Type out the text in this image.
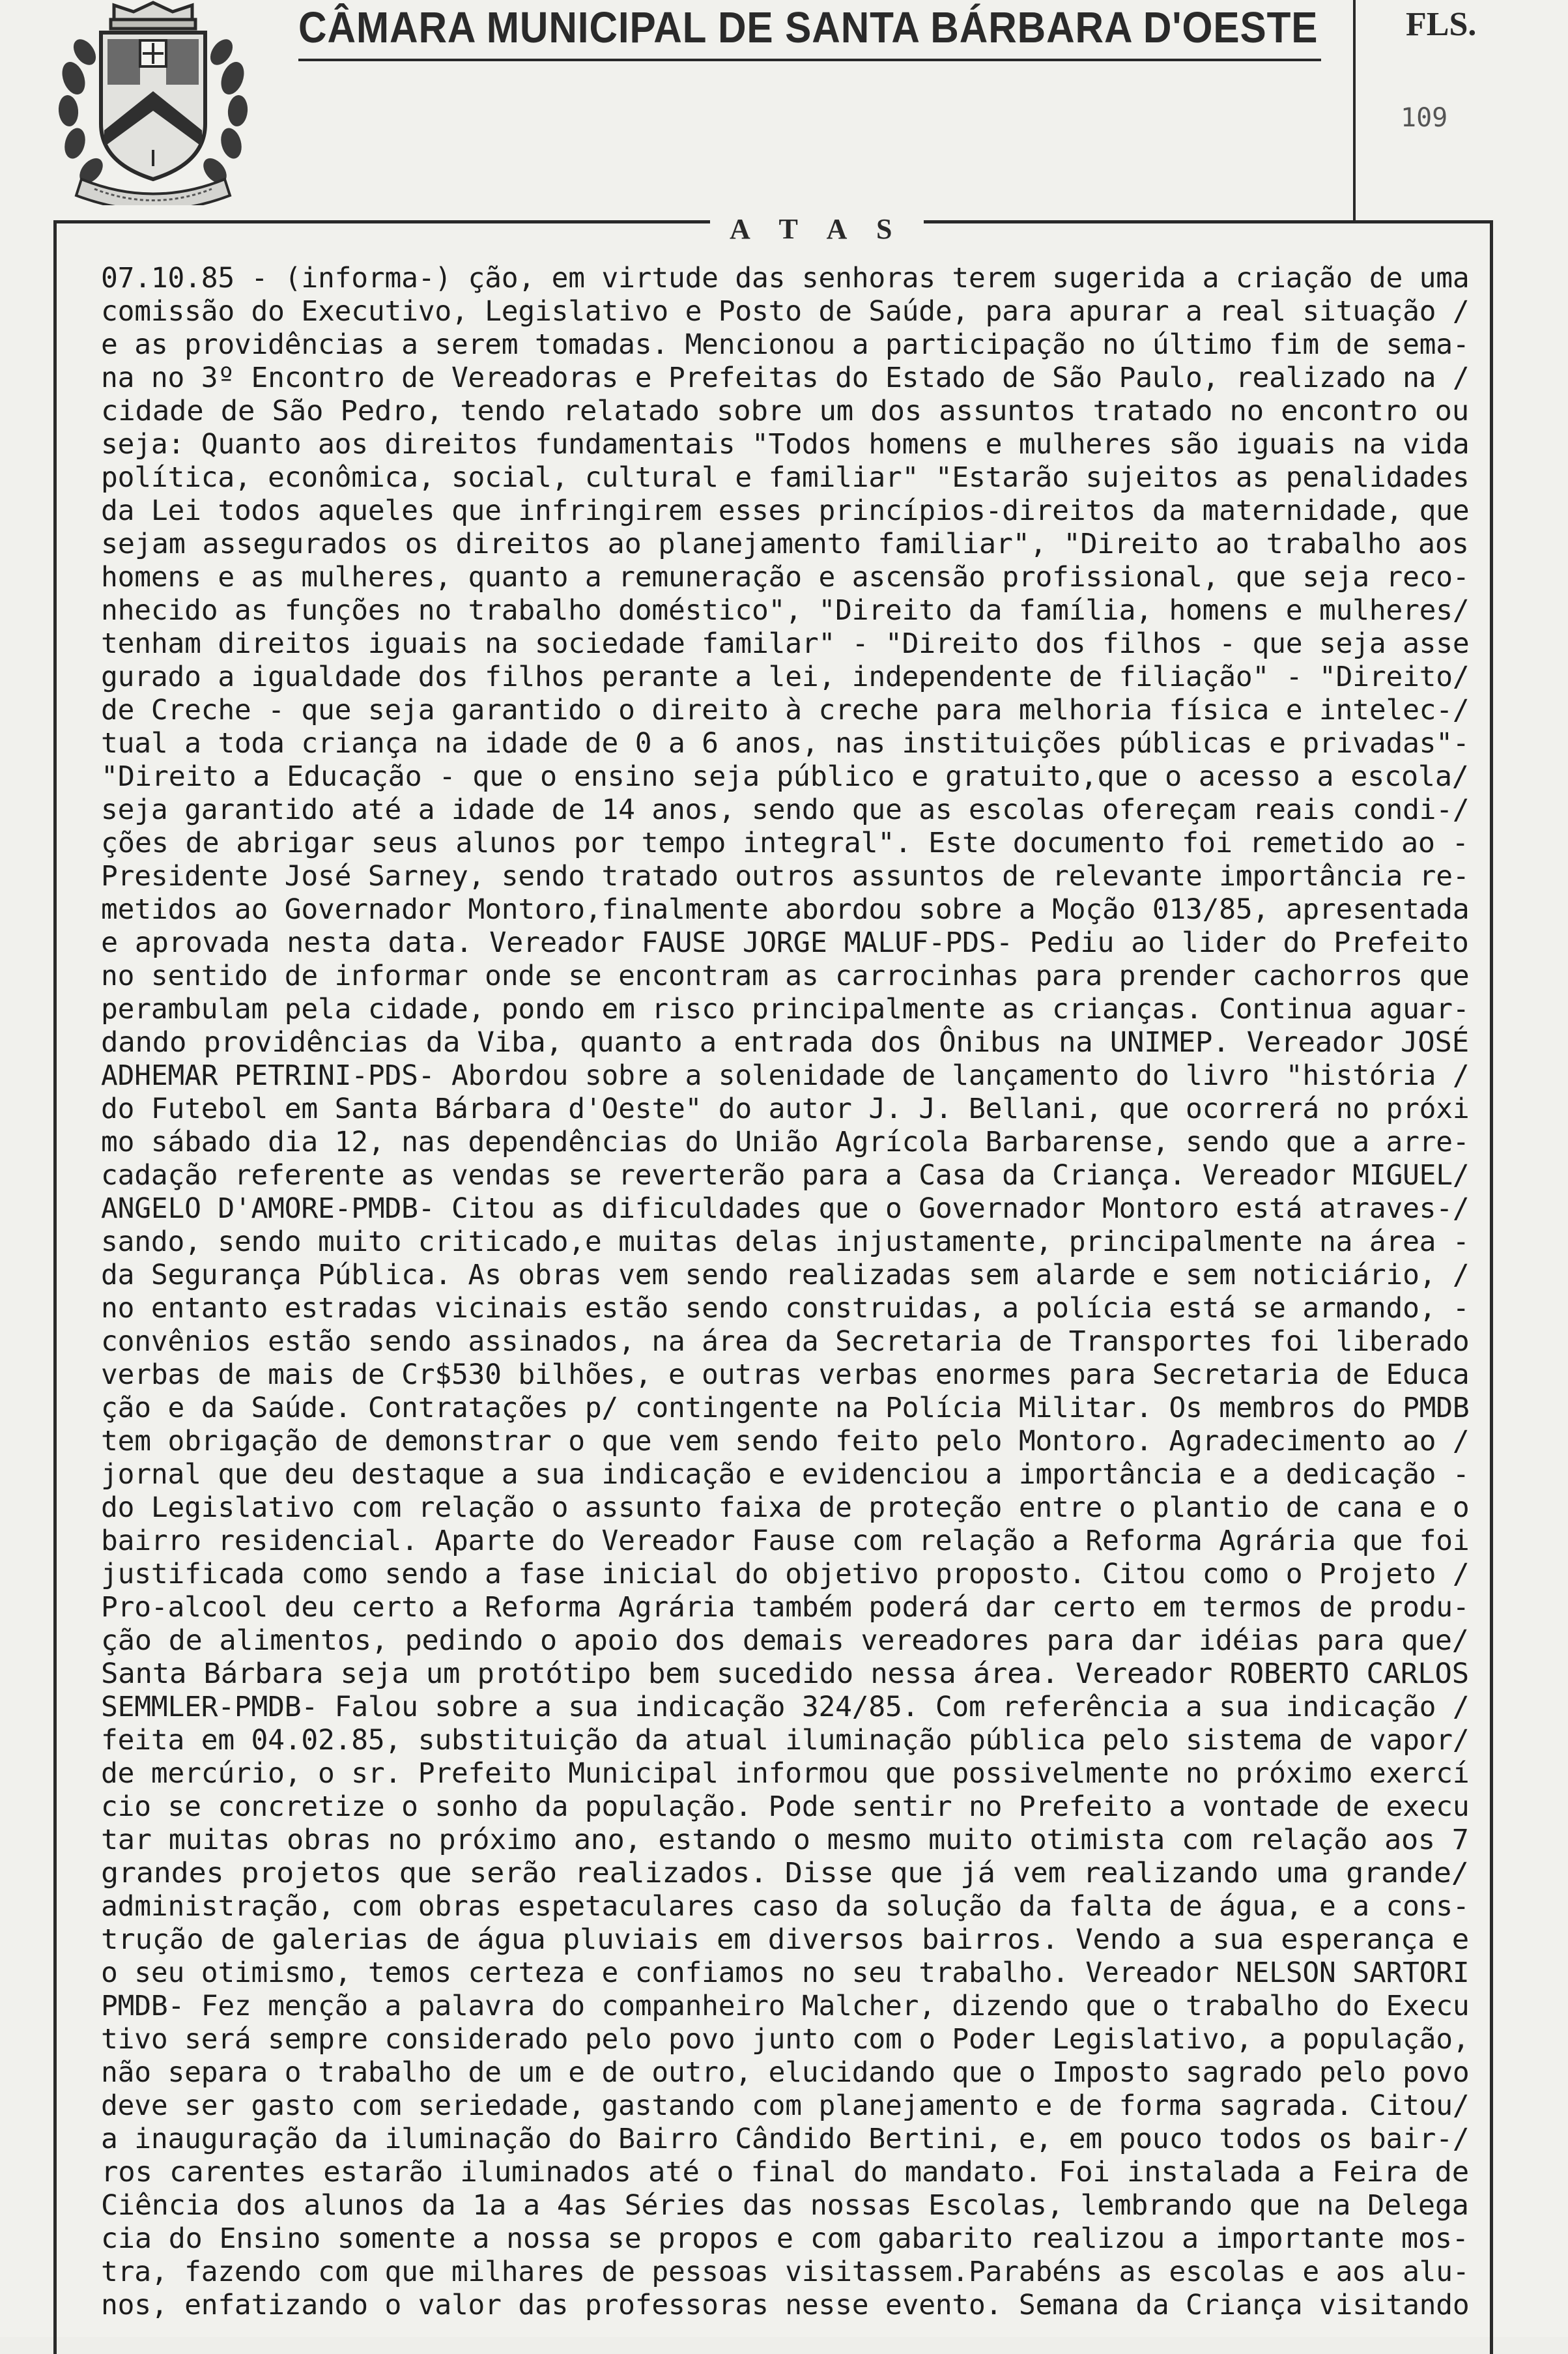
CÂMARA MUNICIPAL DE SANTA BÁRBARA D'OESTE	FLS.
109
A T A S
07.10.85 - (informa-) ção, em virtude das senhoras terem sugerida a criação de uma
comissão do Executivo, Legislativo e Posto de Saúde, para apurar a real situação /
e as providências a serem tomadas. Mencionou a participação no último fim de sema-
na no 3º Encontro de Vereadoras e Prefeitas do Estado de São Paulo, realizado na /
cidade de São Pedro, tendo relatado sobre um dos assuntos tratado no encontro ou
seja: Quanto aos direitos fundamentais "Todos homens e mulheres são iguais na vida
política, econômica, social, cultural e familiar" "Estarão sujeitos as penalidades
da Lei todos aqueles que infringirem esses princípios-direitos da maternidade, que
sejam assegurados os direitos ao planejamento familiar", "Direito ao trabalho aos
homens e as mulheres, quanto a remuneração e ascensão profissional, que seja reco-
nhecido as funções no trabalho doméstico", "Direito da família, homens e mulheres/
tenham direitos iguais na sociedade familar" - "Direito dos filhos - que seja asse
gurado a igualdade dos filhos perante a lei, independente de filiação" - "Direito/
de Creche - que seja garantido o direito à creche para melhoria física e intelec-/
tual a toda criança na idade de 0 a 6 anos, nas instituições públicas e privadas"-
"Direito a Educação - que o ensino seja público e gratuito,que o acesso a escola/
seja garantido até a idade de 14 anos, sendo que as escolas ofereçam reais condi-/
ções de abrigar seus alunos por tempo integral". Este documento foi remetido ao -
Presidente José Sarney, sendo tratado outros assuntos de relevante importância re-
metidos ao Governador Montoro,finalmente abordou sobre a Moção 013/85, apresentada
e aprovada nesta data. Vereador FAUSE JORGE MALUF-PDS- Pediu ao lider do Prefeito
no sentido de informar onde se encontram as carrocinhas para prender cachorros que
perambulam pela cidade, pondo em risco principalmente as crianças. Continua aguar-
dando providências da Viba, quanto a entrada dos Ônibus na UNIMEP. Vereador JOSÉ
ADHEMAR PETRINI-PDS- Abordou sobre a solenidade de lançamento do livro "história /
do Futebol em Santa Bárbara d'Oeste" do autor J. J. Bellani, que ocorrerá no próxi
mo sábado dia 12, nas dependências do União Agrícola Barbarense, sendo que a arre-
cadação referente as vendas se reverterão para a Casa da Criança. Vereador MIGUEL/
ANGELO D'AMORE-PMDB- Citou as dificuldades que o Governador Montoro está atraves-/
sando, sendo muito criticado,e muitas delas injustamente, principalmente na área -
da Segurança Pública. As obras vem sendo realizadas sem alarde e sem noticiário, /
no entanto estradas vicinais estão sendo construidas, a polícia está se armando, -
convênios estão sendo assinados, na área da Secretaria de Transportes foi liberado
verbas de mais de Cr$530 bilhões, e outras verbas enormes para Secretaria de Educa
ção e da Saúde. Contratações p/ contingente na Polícia Militar. Os membros do PMDB
tem obrigação de demonstrar o que vem sendo feito pelo Montoro. Agradecimento ao /
jornal que deu destaque a sua indicação e evidenciou a importância e a dedicação -
do Legislativo com relação o assunto faixa de proteção entre o plantio de cana e o
bairro residencial. Aparte do Vereador Fause com relação a Reforma Agrária que foi
justificada como sendo a fase inicial do objetivo proposto. Citou como o Projeto /
Pro-alcool deu certo a Reforma Agrária também poderá dar certo em termos de produ-
ção de alimentos, pedindo o apoio dos demais vereadores para dar idéias para que/
Santa Bárbara seja um protótipo bem sucedido nessa área. Vereador ROBERTO CARLOS
SEMMLER-PMDB- Falou sobre a sua indicação 324/85. Com referência a sua indicação /
feita em 04.02.85, substituição da atual iluminação pública pelo sistema de vapor/
de mercúrio, o sr. Prefeito Municipal informou que possivelmente no próximo exercí
cio se concretize o sonho da população. Pode sentir no Prefeito a vontade de execu
tar muitas obras no próximo ano, estando o mesmo muito otimista com relação aos 7
grandes projetos que serão realizados. Disse que já vem realizando uma grande/
administração, com obras espetaculares caso da solução da falta de água, e a cons-
trução de galerias de água pluviais em diversos bairros. Vendo a sua esperança e
o seu otimismo, temos certeza e confiamos no seu trabalho. Vereador NELSON SARTORI
PMDB- Fez menção a palavra do companheiro Malcher, dizendo que o trabalho do Execu
tivo será sempre considerado pelo povo junto com o Poder Legislativo, a população,
não separa o trabalho de um e de outro, elucidando que o Imposto sagrado pelo povo
deve ser gasto com seriedade, gastando com planejamento e de forma sagrada. Citou/
a inauguração da iluminação do Bairro Cândido Bertini, e, em pouco todos os bair-/
ros carentes estarão iluminados até o final do mandato. Foi instalada a Feira de
Ciência dos alunos da 1a a 4as Séries das nossas Escolas, lembrando que na Delega
cia do Ensino somente a nossa se propos e com gabarito realizou a importante mos-
tra, fazendo com que milhares de pessoas visitassem.Parabéns as escolas e aos alu-
nos, enfatizando o valor das professoras nesse evento. Semana da Criança visitando
